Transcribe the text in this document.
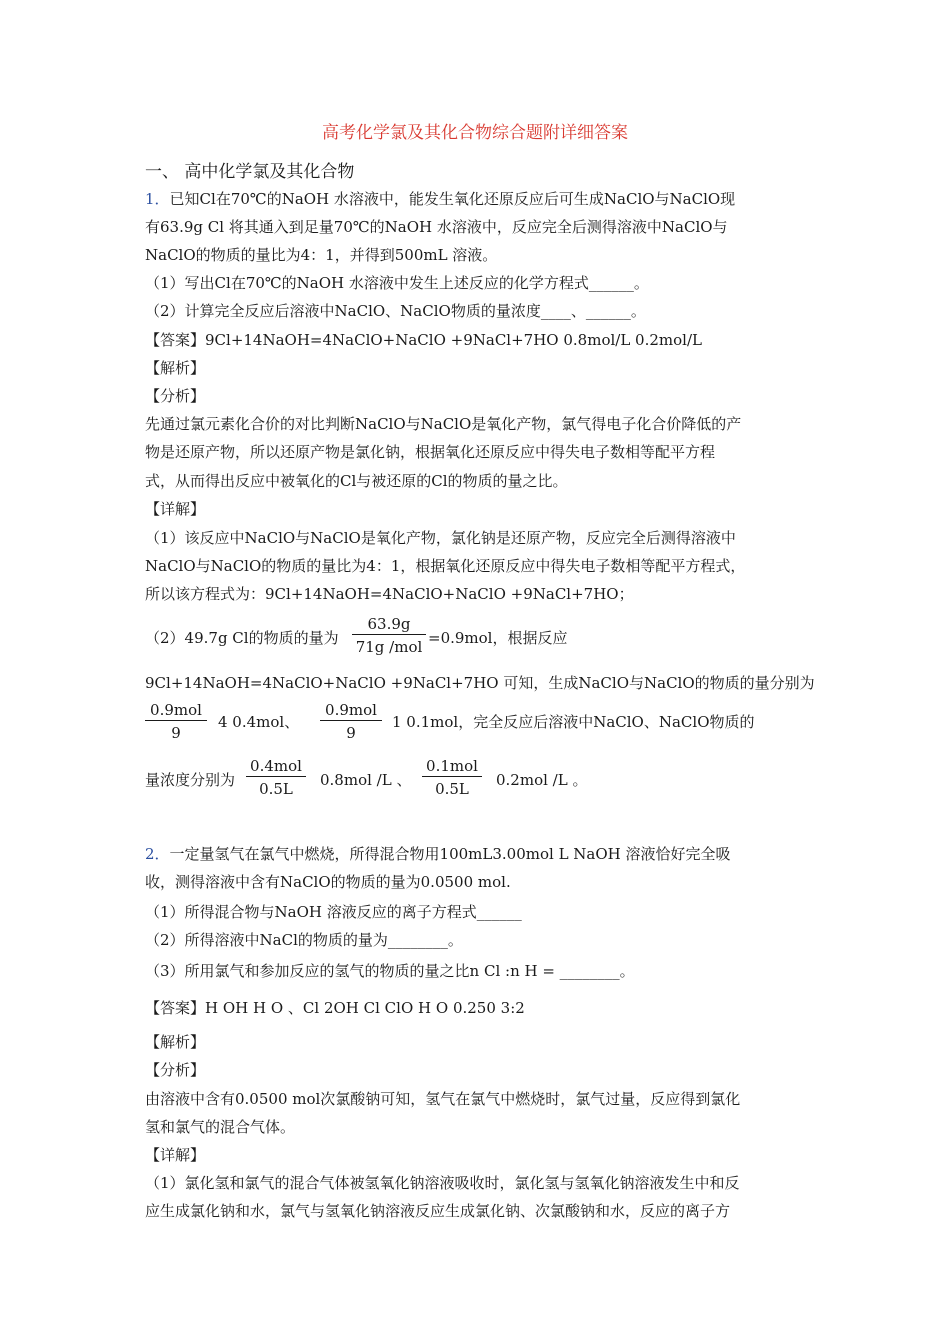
高考化学氯及其化合物综合题附详细答案
一、 高中化学氯及其化合物
1．已知Cl在70℃的NaOH 水溶液中，能发生氧化还原反应后可生成NaClO与NaClO现
有63.9g Cl 将其通入到足量70℃的NaOH 水溶液中，反应完全后测得溶液中NaClO与
NaClO的物质的量比为4：1，并得到500mL 溶液。
（1）写出Cl在70℃的NaOH 水溶液中发生上述反应的化学方程式______。
（2）计算完全反应后溶液中NaClO、NaClO物质的量浓度____、______。
【答案】9Cl+14NaOH=4NaClO+NaClO +9NaCl+7HO 0.8mol/L 0.2mol/L
【解析】
【分析】
先通过氯元素化合价的对比判断NaClO与NaClO是氧化产物，氯气得电子化合价降低的产
物是还原产物，所以还原产物是氯化钠，根据氧化还原反应中得失电子数相等配平方程
式，从而得出反应中被氧化的Cl与被还原的Cl的物质的量之比。
【详解】
（1）该反应中NaClO与NaClO是氧化产物，氯化钠是还原产物，反应完全后测得溶液中
NaClO与NaClO的物质的量比为4：1，根据氧化还原反应中得失电子数相等配平方程式，
所以该方程式为：9Cl+14NaOH=4NaClO+NaClO +9NaCl+7HO；
（2）49.7g Cl的物质的量为
63.9g
71g /mol =0.9mol，根据反应
9Cl+14NaOH=4NaClO+NaClO +9NaCl+7HO 可知，生成NaClO与NaClO的物质的量分别为
0.9mol
9
4 0.4mol、
0.9mol
9
1 0.1mol，完全反应后溶液中NaClO、NaClO物质的
量浓度分别为
0.4mol
0.5L	0.8mol /L 、
0.1mol
0.5L	0.2mol /L 。
2．一定量氢气在氯气中燃烧，所得混合物用100mL3.00mol L NaOH 溶液恰好完全吸
收，测得溶液中含有NaClO的物质的量为0.0500 mol.
（1）所得混合物与NaOH 溶液反应的离子方程式______
（2）所得溶液中NaCl的物质的量为________。
（3）所用氯气和参加反应的氢气的物质的量之比n Cl :n H = ________。
【答案】H OH H O 、Cl 2OH Cl ClO H O 0.250 3:2
【解析】
【分析】
由溶液中含有0.0500 mol次氯酸钠可知，氢气在氯气中燃烧时，氯气过量，反应得到氯化
氢和氯气的混合气体。
【详解】
（1）氯化氢和氯气的混合气体被氢氧化钠溶液吸收时，氯化氢与氢氧化钠溶液发生中和反
应生成氯化钠和水，氯气与氢氧化钠溶液反应生成氯化钠、次氯酸钠和水，反应的离子方
